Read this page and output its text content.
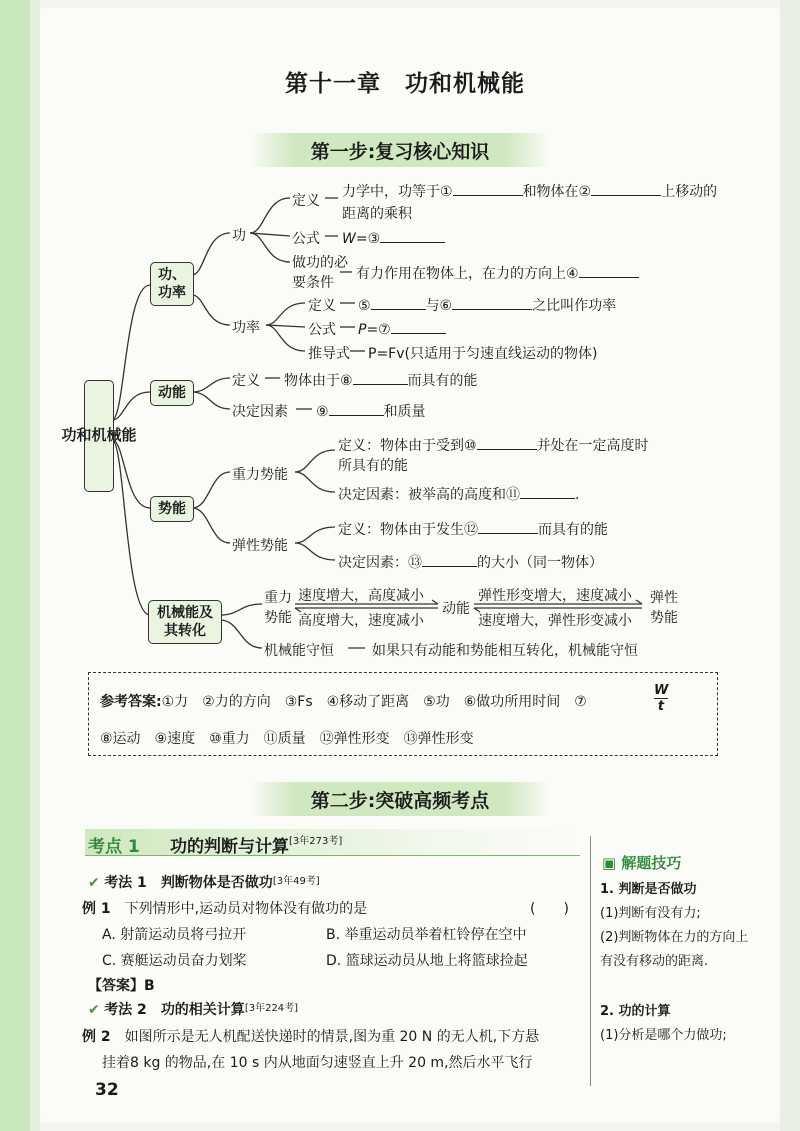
第十一章　功和机械能
第一步:复习核心知识
功和机械能
功、
功率
动能
势能
机械能及
其转化
功
定义
力学中，功等于①	和物体在②	上移动的
距离的乘积
公式 W=③
做功的必
要条件
有力作用在物体上，在力的方向上④
功率
定义 ⑤	与⑥	之比叫作功率
公式 P=⑦
推导式 P=Fv(只适用于匀速直线运动的物体)
定义 物体由于⑧	而具有的能
决定因素 ⑨	和质量
重力势能
定义：物体由于受到⑩	并处在一定高度时
所具有的能
决定因素：被举高的高度和⑪	.
弹性势能
定义：物体由于发生⑫	而具有的能
决定因素：⑬	的大小（同一物体）
重力
势能
速度增大，高度减小
高度增大，速度减小
动能
弹性形变增大，速度减小
速度增大，弹性形变减小
弹性
势能
机械能守恒	如果只有动能和势能相互转化，机械能守恒
参考答案:①力　②力的方向　③Fs　④移动了距离　⑤功　⑥做功所用时间　⑦
W
t
⑧运动　⑨速度　⑩重力　⑪质量　⑫弹性形变　⑬弹性形变
第二步:突破高频考点
考点 1 功的判断与计算[3年273考]
✔ 考法 1　 判断物体是否做功[3年49考]
例 1　 下列情形中,运动员对物体没有做功的是	(　　)
A. 射箭运动员将弓拉开	B. 举重运动员举着杠铃停在空中
C. 赛艇运动员奋力划桨	D. 篮球运动员从地上将篮球捡起
【答案】B
✔ 考法 2　 功的相关计算[3年224考]
例 2　 如图所示是无人机配送快递时的情景,图为重 20 N 的无人机,下方悬
挂着8 kg 的物品,在 10 s 内从地面匀速竖直上升 20 m,然后水平飞行
▣ 解题技巧
1. 判断是否做功
(1)判断有没有力;
(2)判断物体在力的方向上有没有移动的距离.
2. 功的计算
(1)分析是哪个力做功;
32
